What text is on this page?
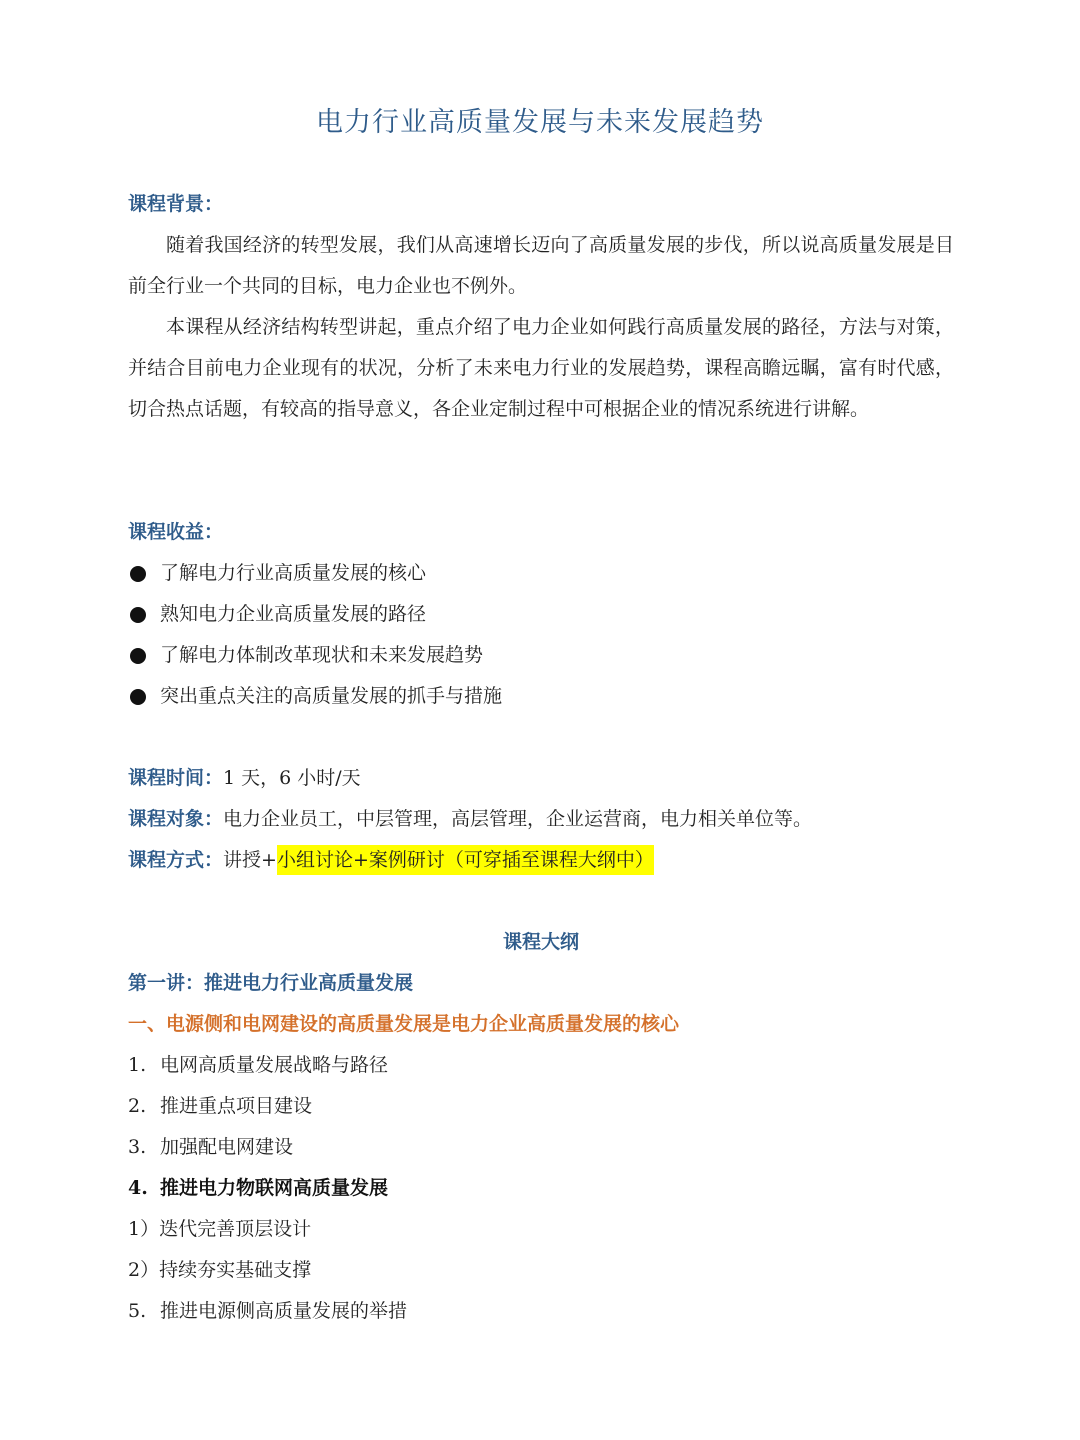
电力行业高质量发展与未来发展趋势
课程背景：
随着我国经济的转型发展，我们从高速增长迈向了高质量发展的步伐，所以说高质量发展是目前全行业一个共同的目标，电力企业也不例外。
本课程从经济结构转型讲起，重点介绍了电力企业如何践行高质量发展的路径，方法与对策，并结合目前电力企业现有的状况，分析了未来电力行业的发展趋势，课程高瞻远瞩，富有时代感，切合热点话题，有较高的指导意义，各企业定制过程中可根据企业的情况系统进行讲解。
课程收益：
了解电力行业高质量发展的核心
熟知电力企业高质量发展的路径
了解电力体制改革现状和未来发展趋势
突出重点关注的高质量发展的抓手与措施
课程时间：1 天，6 小时/天
课程对象：电力企业员工，中层管理，高层管理，企业运营商，电力相关单位等。
课程方式：讲授+小组讨论+案例研讨（可穿插至课程大纲中）
课程大纲
第一讲：推进电力行业高质量发展
一、电源侧和电网建设的高质量发展是电力企业高质量发展的核心
1. 电网高质量发展战略与路径
2. 推进重点项目建设
3. 加强配电网建设
4. 推进电力物联网高质量发展
1）迭代完善顶层设计
2）持续夯实基础支撑
5. 推进电源侧高质量发展的举措
